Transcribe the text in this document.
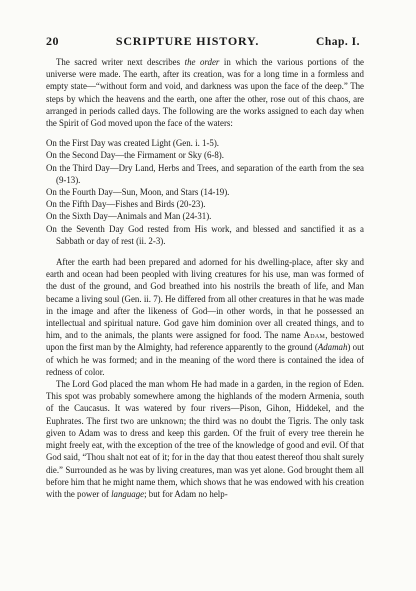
20	SCRIPTURE HISTORY.	Chap. I.

The sacred writer next describes the order in which the various portions of the universe were made. The earth, after its creation, was for a long time in a formless and empty state—“without form and void, and darkness was upon the face of the deep.” The steps by which the heavens and the earth, one after the other, rose out of this chaos, are arranged in periods called days. The following are the works assigned to each day when the Spirit of God moved upon the face of the waters:

On the First Day was created Light (Gen. i. 1-5).
On the Second Day—the Firmament or Sky (6-8).
On the Third Day—Dry Land, Herbs and Trees, and separation of the earth from the sea (9-13).
On the Fourth Day—Sun, Moon, and Stars (14-19).
On the Fifth Day—Fishes and Birds (20-23).
On the Sixth Day—Animals and Man (24-31).
On the Seventh Day God rested from His work, and blessed and sanctified it as a Sabbath or day of rest (ii. 2-3).

After the earth had been prepared and adorned for his dwelling-place, after sky and earth and ocean had been peopled with living creatures for his use, man was formed of the dust of the ground, and God breathed into his nostrils the breath of life, and Man became a living soul (Gen. ii. 7). He differed from all other creatures in that he was made in the image and after the likeness of God—in other words, in that he possessed an intellectual and spiritual nature. God gave him dominion over all created things, and to him, and to the animals, the plants were assigned for food. The name Adam, bestowed upon the first man by the Almighty, had reference apparently to the ground (Adamah) out of which he was formed; and in the meaning of the word there is contained the idea of redness of color.

The Lord God placed the man whom He had made in a garden, in the region of Eden. This spot was probably somewhere among the highlands of the modern Armenia, south of the Caucasus. It was watered by four rivers—Pison, Gihon, Hiddekel, and the Euphrates. The first two are unknown; the third was no doubt the Tigris. The only task given to Adam was to dress and keep this garden. Of the fruit of every tree therein he might freely eat, with the exception of the tree of the knowledge of good and evil. Of that God said, “Thou shalt not eat of it; for in the day that thou eatest thereof thou shalt surely die.” Surrounded as he was by living creatures, man was yet alone. God brought them all before him that he might name them, which shows that he was endowed with his creation with the power of language; but for Adam no help-
